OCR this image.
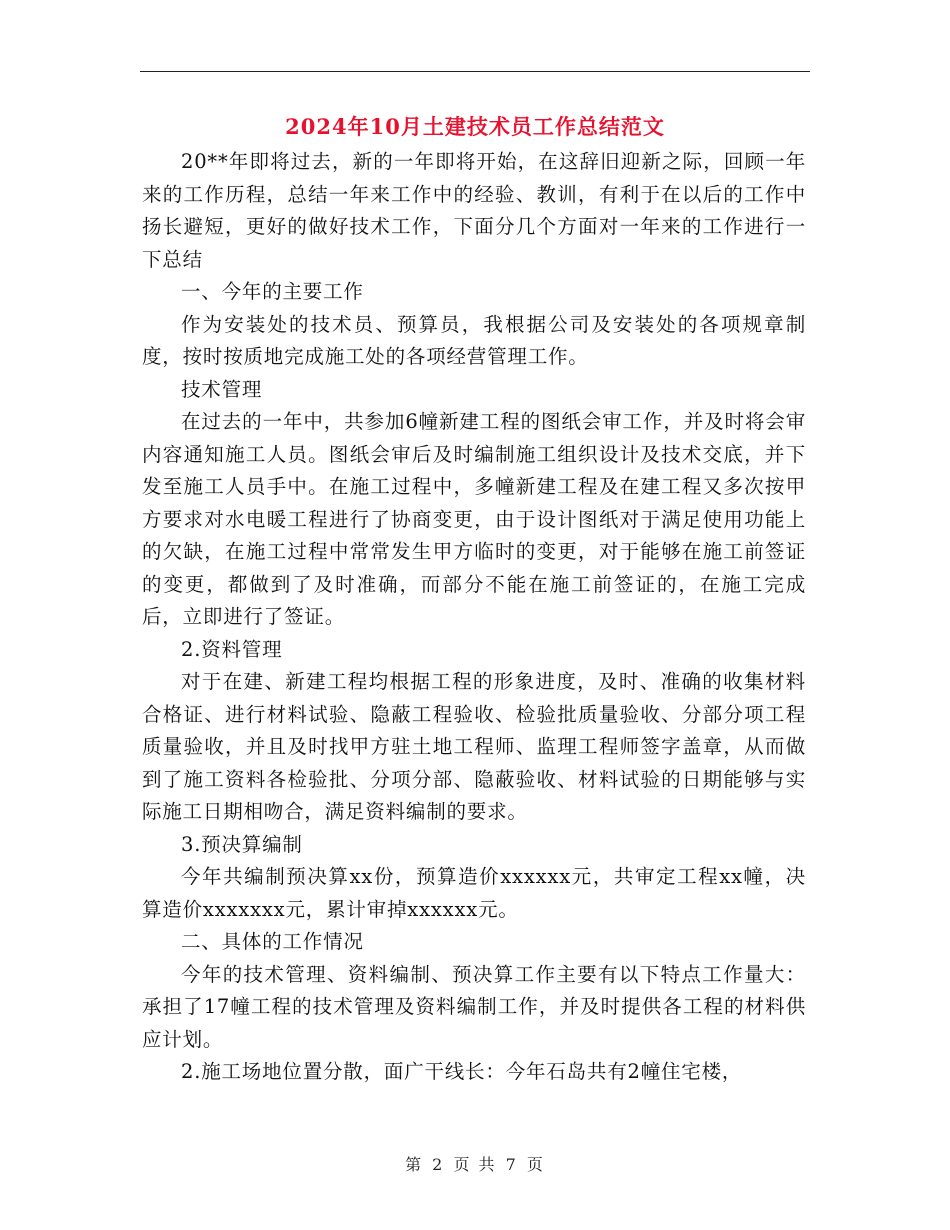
2024年10月土建技术员工作总结范文

20**年即将过去，新的一年即将开始，在这辞旧迎新之际，回顾一年来的工作历程，总结一年来工作中的经验、教训，有利于在以后的工作中扬长避短，更好的做好技术工作，下面分几个方面对一年来的工作进行一下总结

一、今年的主要工作

作为安装处的技术员、预算员，我根据公司及安装处的各项规章制度，按时按质地完成施工处的各项经营管理工作。

技术管理

在过去的一年中，共参加6幢新建工程的图纸会审工作，并及时将会审内容通知施工人员。图纸会审后及时编制施工组织设计及技术交底，并下发至施工人员手中。在施工过程中，多幢新建工程及在建工程又多次按甲方要求对水电暖工程进行了协商变更，由于设计图纸对于满足使用功能上的欠缺，在施工过程中常常发生甲方临时的变更，对于能够在施工前签证的变更，都做到了及时准确，而部分不能在施工前签证的，在施工完成后，立即进行了签证。

2.资料管理

对于在建、新建工程均根据工程的形象进度，及时、准确的收集材料合格证、进行材料试验、隐蔽工程验收、检验批质量验收、分部分项工程质量验收，并且及时找甲方驻土地工程师、监理工程师签字盖章，从而做到了施工资料各检验批、分项分部、隐蔽验收、材料试验的日期能够与实际施工日期相吻合，满足资料编制的要求。

3.预决算编制

今年共编制预决算xx份，预算造价xxxxxx元，共审定工程xx幢，决算造价xxxxxxx元，累计审掉xxxxxx元。

二、具体的工作情况

今年的技术管理、资料编制、预决算工作主要有以下特点工作量大：承担了17幢工程的技术管理及资料编制工作，并及时提供各工程的材料供应计划。

2.施工场地位置分散，面广干线长：今年石岛共有2幢住宅楼，

第 2 页 共 7 页
